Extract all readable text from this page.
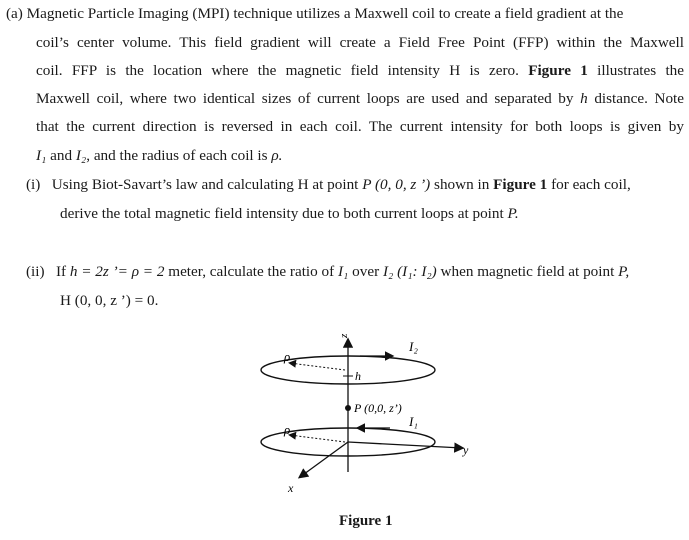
(a) Magnetic Particle Imaging (MPI) technique utilizes a Maxwell coil to create a field gradient at the
coil’s center volume. This field gradient will create a Field Free Point (FFP) within the Maxwell
coil. FFP is the location where the magnetic field intensity H is zero. Figure 1 illustrates the
Maxwell coil, where two identical sizes of current loops are used and separated by h distance. Note
that the current direction is reversed in each coil. The current intensity for both loops is given by
I₁ and I₂, and the radius of each coil is ρ.
(i) Using Biot-Savart’s law and calculating H at point P (0, 0, z ’) shown in Figure 1 for each coil,
derive the total magnetic field intensity due to both current loops at point P.
(ii) If h = 2z ’= ρ = 2 meter, calculate the ratio of I₁ over I₂ (I₁: I₂) when magnetic field at point P,
H (0, 0, z ’) = 0.
z
I₂
ρ
h
P (0,0, z’)
I₁
ρ
y
x
Figure 1
